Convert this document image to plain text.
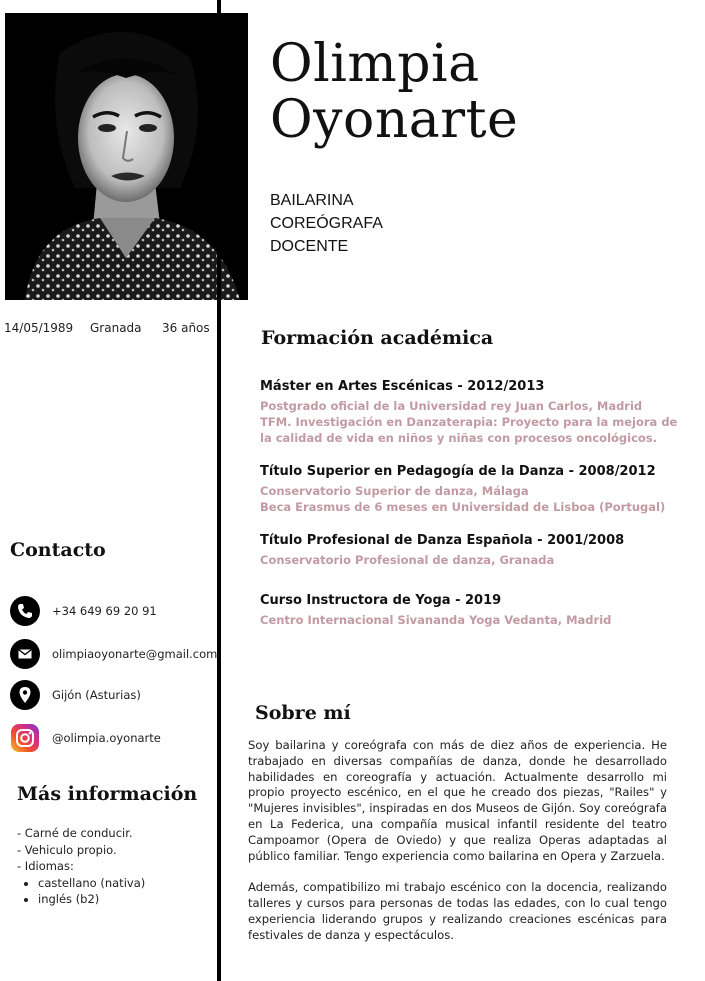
Olimpia
Oyonarte
BAILARINA
COREÓGRAFA
DOCENTE
14/05/1989 Granada 36 años	Formación académica
Máster en Artes Escénicas - 2012/2013
Postgrado oficial de la Universidad rey Juan Carlos, Madrid
TFM. Investigación en Danzaterapia: Proyecto para la mejora de la calidad de vida en niños y niñas con procesos oncológicos.
Título Superior en Pedagogía de la Danza - 2008/2012
Conservatorio Superior de danza, Málaga
Beca Erasmus de 6 meses en Universidad de Lisboa (Portugal)
Título Profesional de Danza Española - 2001/2008
Conservatorio Profesional de danza, Granada
Curso Instructora de Yoga - 2019
Centro Internacional Sivananda Yoga Vedanta, Madrid
Contacto
+34 649 69 20 91
olimpiaoyonarte@gmail.com
Gijón (Asturias)
@olimpia.oyonarte
Más información
- Carné de conducir.
- Vehiculo propio.
- Idiomas:
• castellano (nativa)
• inglés (b2)
Sobre mí

Soy bailarina y coreógrafa con más de diez años de experiencia. He trabajado en diversas compañías de danza, donde he desarrollado habilidades en coreografía y actuación. Actualmente desarrollo mi propio proyecto escénico, en el que he creado dos piezas, "Railes" y "Mujeres invisibles", inspiradas en dos Museos de Gijón. Soy coreógrafa en La Federica, una compañía musical infantil residente del teatro Campoamor (Opera de Oviedo) y que realiza Operas adaptadas al público familiar. Tengo experiencia como bailarina en Opera y Zarzuela.

Además, compatibilizo mi trabajo escénico con la docencia, realizando talleres y cursos para personas de todas las edades, con lo cual tengo experiencia liderando grupos y realizando creaciones escénicas para festivales de danza y espectáculos.
